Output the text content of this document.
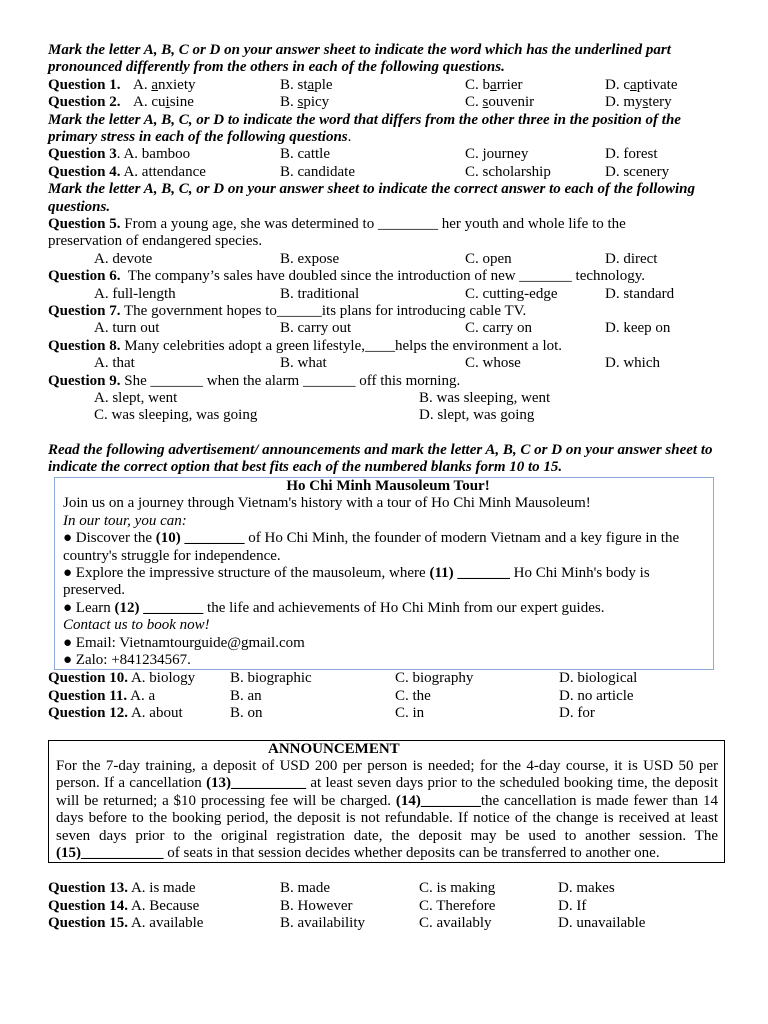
Mark the letter A, B, C or D on your answer sheet to indicate the word which has the underlined part pronounced differently from the others in each of the following questions.
Question 1. A. anxiety	B. staple	C. barrier	D. captivate
Question 2. A. cuisine	B. spicy	C. souvenir	D. mystery
Mark the letter A, B, C, or D to indicate the word that differs from the other three in the position of the primary stress in each of the following questions.
Question 3. A. bamboo	B. cattle	C. journey	D. forest
Question 4. A. attendance	B. candidate	C. scholarship	D. scenery
Mark the letter A, B, C, or D on your answer sheet to indicate the correct answer to each of the following questions.
Question 5. From a young age, she was determined to ________ her youth and whole life to the
preservation of endangered species.
A. devote	B. expose	C. open	D. direct
Question 6. The company’s sales have doubled since the introduction of new _______ technology.
A. full-length	B. traditional	C. cutting-edge	D. standard
Question 7. The government hopes to______its plans for introducing cable TV.
A. turn out	B. carry out	C. carry on	D. keep on
Question 8. Many celebrities adopt a green lifestyle,____helps the environment a lot.
A. that	B. what	C. whose	D. which
Question 9. She _______ when the alarm _______ off this morning.
A. slept, went	B. was sleeping, went
C. was sleeping, was going	D. slept, was going
Read the following advertisement/ announcements and mark the letter A, B, C or D on your answer sheet to indicate the correct option that best fits each of the numbered blanks form 10 to 15.
Ho Chi Minh Mausoleum Tour!
Join us on a journey through Vietnam's history with a tour of Ho Chi Minh Mausoleum!
In our tour, you can:
● Discover the (10) ________ of Ho Chi Minh, the founder of modern Vietnam and a key figure in the country's struggle for independence.
● Explore the impressive structure of the mausoleum, where (11) _______ Ho Chi Minh's body is preserved.
● Learn (12) ________ the life and achievements of Ho Chi Minh from our expert guides.
Contact us to book now!
● Email: Vietnamtourguide@gmail.com
● Zalo: +841234567.
Question 10. A. biology B. biographic	C. biography	D. biological
Question 11. A. a	B. an	C. the	D. no article
Question 12. A. about	B. on	C. in	D. for
ANNOUNCEMENT
For the 7-day training, a deposit of USD 200 per person is needed; for the 4-day course, it is USD 50 per person. If a cancellation (13)__________ at least seven days prior to the scheduled booking time, the deposit will be returned; a $10 processing fee will be charged. (14)________the cancellation is made fewer than 14 days before to the booking period, the deposit is not refundable. If notice of the change is received at least seven days prior to the original registration date, the deposit may be used to another session. The (15)___________ of seats in that session decides whether deposits can be transferred to another one.
Question 13. A. is made	B. made	C. is making	D. makes
Question 14. A. Because	B. However	C. Therefore	D. If
Question 15. A. available	B. availability	C. availably	D. unavailable
